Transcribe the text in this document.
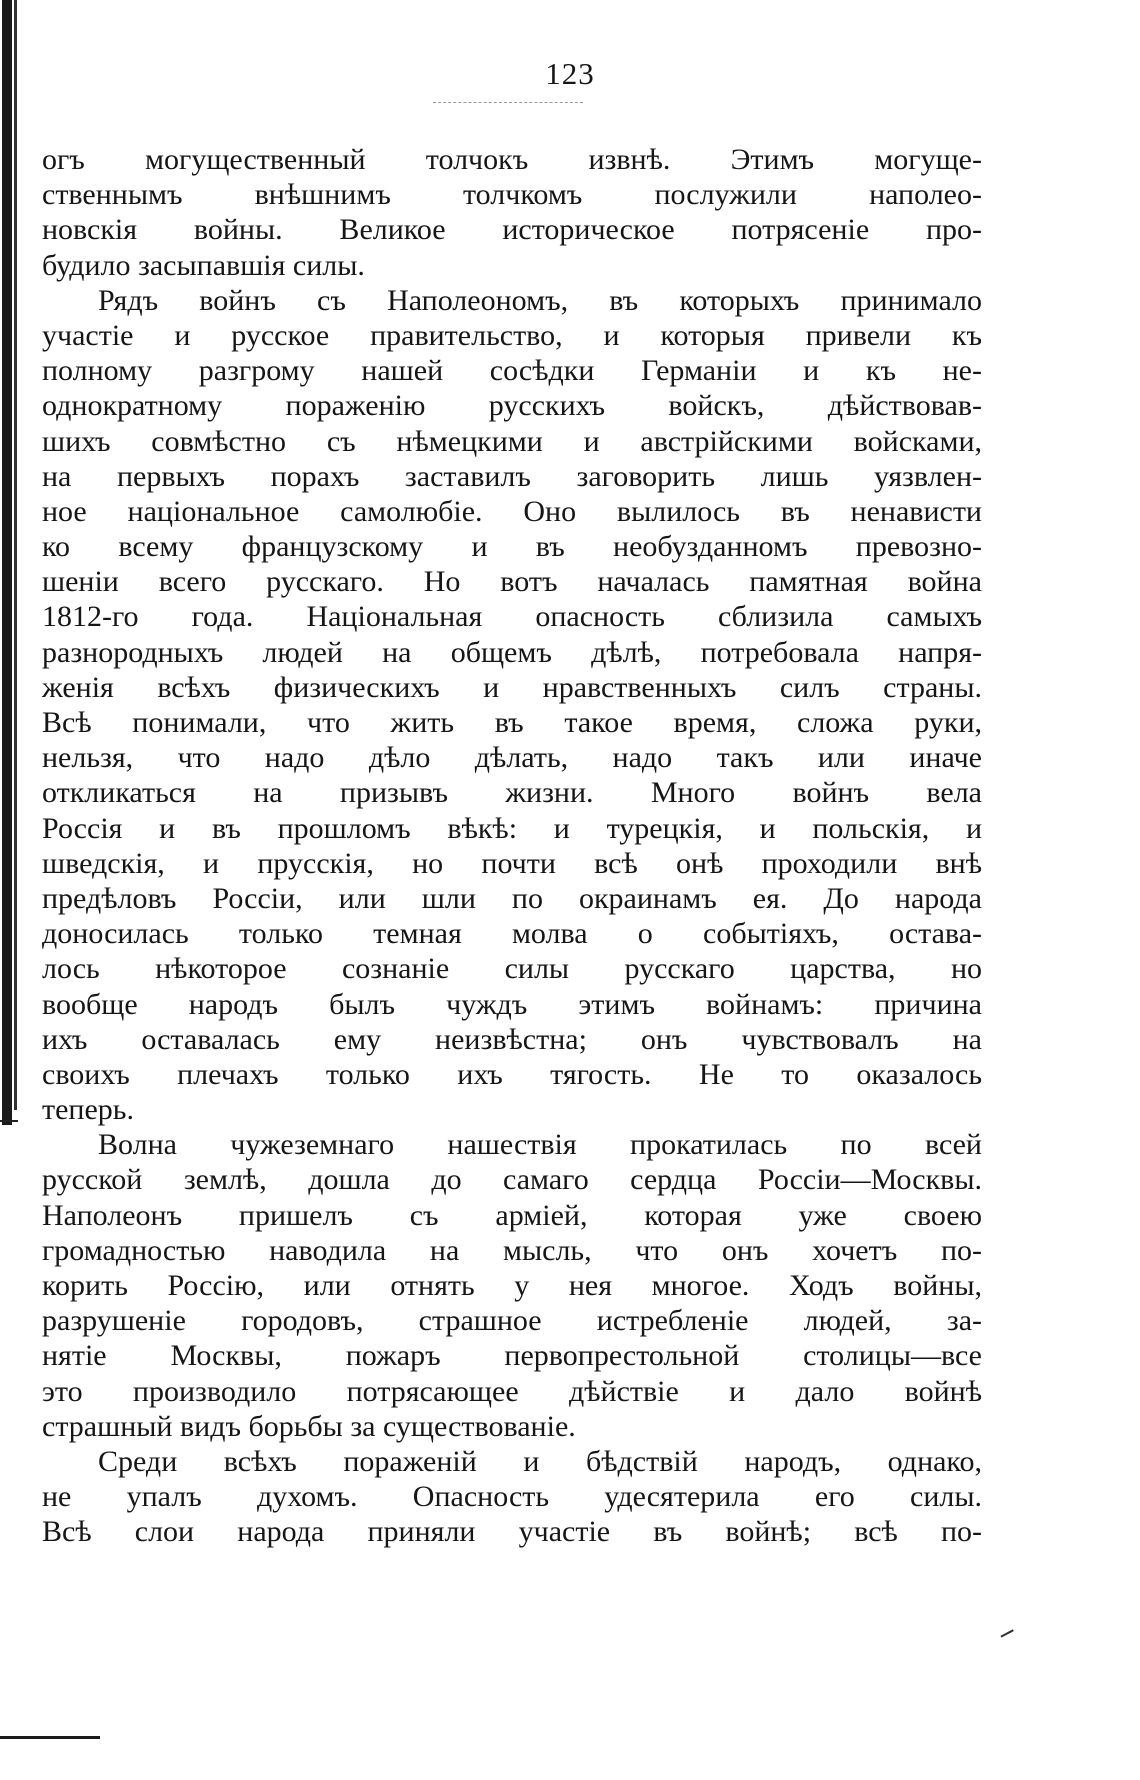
123
огъ могущественный толчокъ извнѣ. Этимъ могуще-
ственнымъ внѣшнимъ толчкомъ послужили наполео-
новскія войны. Великое историческое потрясеніе про-
будило засыпавшія силы.
Рядъ войнъ съ Наполеономъ, въ которыхъ принимало
участіе и русское правительство, и которыя привели къ
полному разгрому нашей сосѣдки Германіи и къ не-
однократному пораженію русскихъ войскъ, дѣйствовав-
шихъ совмѣстно съ нѣмецкими и австрійскими войсками,
на первыхъ порахъ заставилъ заговорить лишь уязвлен-
ное національное самолюбіе. Оно вылилось въ ненависти
ко всему французскому и въ необузданномъ превозно-
шеніи всего русскаго. Но вотъ началась памятная война
1812-го года. Національная опасность сблизила самыхъ
разнородныхъ людей на общемъ дѣлѣ, потребовала напря-
женія всѣхъ физическихъ и нравственныхъ силъ страны.
Всѣ понимали, что жить въ такое время, сложа руки,
нельзя, что надо дѣло дѣлать, надо такъ или иначе
откликаться на призывъ жизни. Много войнъ вела
Россія и въ прошломъ вѣкѣ: и турецкія, и польскія, и
шведскія, и прусскія, но почти всѣ онѣ проходили внѣ
предѣловъ Россіи, или шли по окраинамъ ея. До народа
доносилась только темная молва о событіяхъ, остава-
лось нѣкоторое сознаніе силы русскаго царства, но
вообще народъ былъ чуждъ этимъ войнамъ: причина
ихъ оставалась ему неизвѣстна; онъ чувствовалъ на
своихъ плечахъ только ихъ тягость. Не то оказалось
теперь.
Волна чужеземнаго нашествія прокатилась по всей
русской землѣ, дошла до самаго сердца Россіи—Москвы.
Наполеонъ пришелъ съ арміей, которая уже своею
громадностью наводила на мысль, что онъ хочетъ по-
корить Россію, или отнять у нея многое. Ходъ войны,
разрушеніе городовъ, страшное истребленіе людей, за-
нятіе Москвы, пожаръ первопрестольной столицы—все
это производило потрясающее дѣйствіе и дало войнѣ
страшный видъ борьбы за существованіе.
Среди всѣхъ пораженій и бѣдствій народъ, однако,
не упалъ духомъ. Опасность удесятерила его силы.
Всѣ слои народа приняли участіе въ войнѣ; всѣ по-
